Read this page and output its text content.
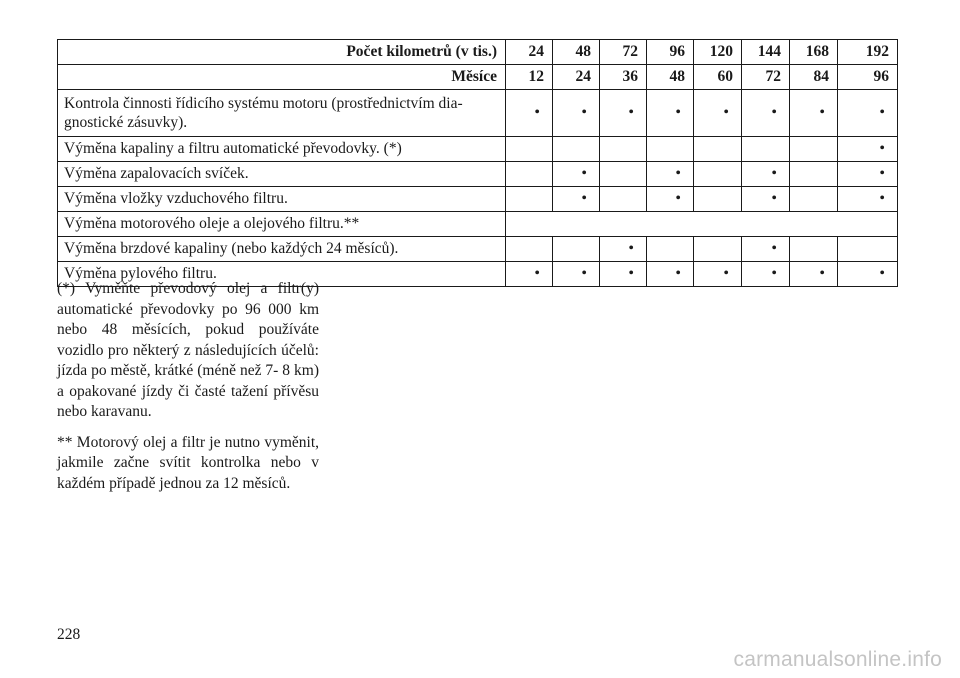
Počet kilometrů (v tis.)	24	48	72	96	120	144	168	192
Měsíce	12	24	36	48	60	72	84	96
Kontrola činnosti řídicího systému motoru (prostřednictvím dia-gnostické zásuvky).	•	•	•	•	•	•	•	•
Výměna kapaliny a filtru automatické převodovky. (*)								•
Výměna zapalovacích svíček.		•		•		•		•
Výměna vložky vzduchového filtru.		•		•		•		•
Výměna motorového oleje a olejového filtru.**								
Výměna brzdové kapaliny (nebo každých 24 měsíců).			•			•		
Výměna pylového filtru.	•	•	•	•	•	•	•	•

(*) Vyměňte převodový olej a filtr(y) automatické převodovky po 96 000 km nebo 48 měsících, pokud používáte vozidlo pro některý z následujících účelů: jízda po městě, krátké (méně než 7- 8 km) a opakované jízdy či časté tažení přívěsu nebo karavanu.

** Motorový olej a filtr je nutno vyměnit, jakmile začne svítit kontrolka nebo v každém případě jednou za 12 měsíců.

228
carmanualsonline.info
